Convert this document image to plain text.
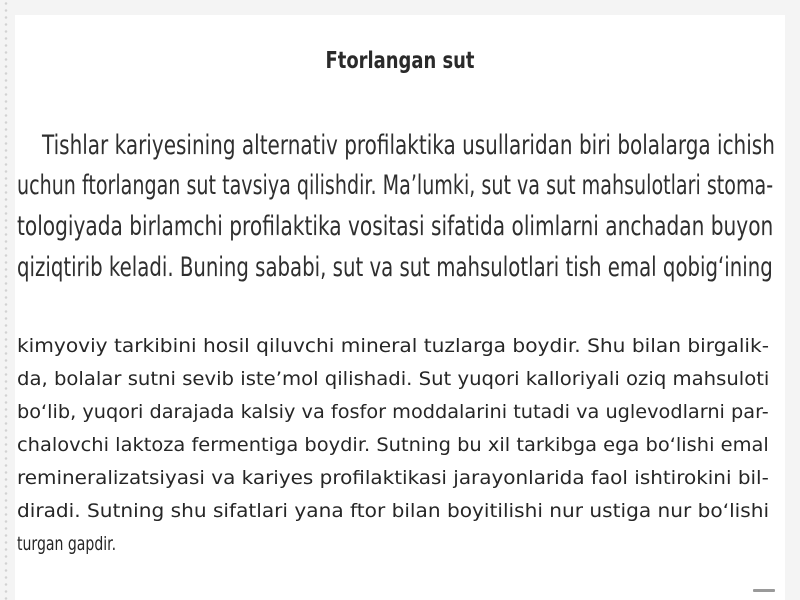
Ftorlangan sut
Tishlar kariyesining alternativ profilaktika usullaridan biri bolalarga ichish
uchun ftorlangan sut tavsiya qilishdir. Ma’lumki, sut va sut mahsulotlari stoma-
tologiyada birlamchi profilaktika vositasi sifatida olimlarni anchadan buyon
qiziqtirib keladi. Buning sababi, sut va sut mahsulotlari tish emal qobig‘ining
kimyoviy tarkibini hosil qiluvchi mineral tuzlarga boydir. Shu bilan birgalik-
da, bolalar sutni sevib iste’mol qilishadi. Sut yuqori kalloriyali oziq mahsuloti
bo‘lib, yuqori darajada kalsiy va fosfor moddalarini tutadi va uglevodlarni par-
chalovchi laktoza fermentiga boydir. Sutning bu xil tarkibga ega bo‘lishi emal
remineralizatsiyasi va kariyes profilaktikasi jarayonlarida faol ishtirokini bil-
diradi. Sutning shu sifatlari yana ftor bilan boyitilishi nur ustiga nur bo‘lishi
turgan gapdir.
